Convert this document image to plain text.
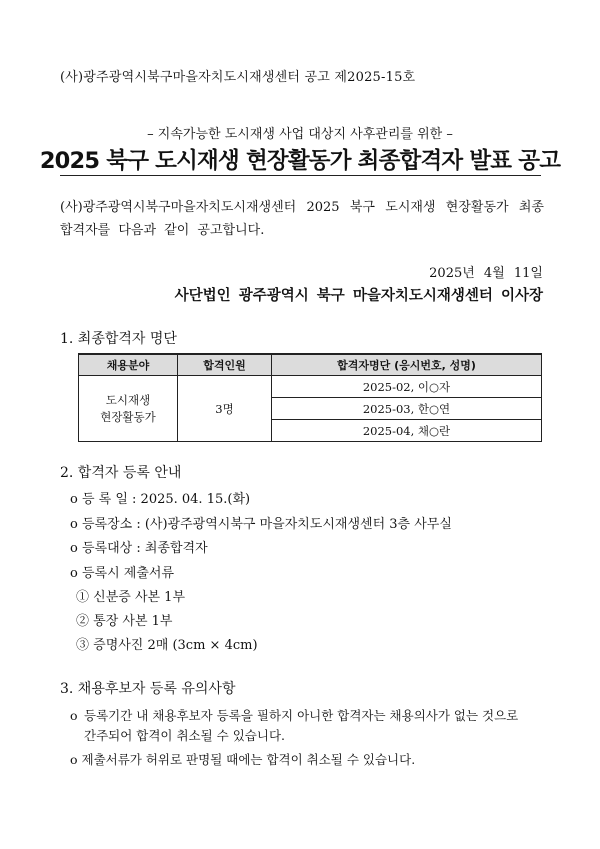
(사)광주광역시북구마을자치도시재생센터 공고 제2025-15호
– 지속가능한 도시재생 사업 대상지 사후관리를 위한 –
2025 북구 도시재생 현장활동가 최종합격자 발표 공고
(사)광주광역시북구마을자치도시재생센터 2025 북구 도시재생 현장활동가 최종합격자를 다음과 같이 공고합니다.
2025년 4월 11일
사단법인 광주광역시 북구 마을자치도시재생센터 이사장
1. 최종합격자 명단
채용분야	합격인원	합격자명단 (응시번호, 성명)
도시재생
현장활동가	3명	2025-02, 이○자
		2025-03, 한○연
		2025-04, 채○란
2. 합격자 등록 안내
o 등 록 일 : 2025. 04. 15.(화)
o 등록장소 : (사)광주광역시북구 마을자치도시재생센터 3층 사무실
o 등록대상 : 최종합격자
o 등록시 제출서류
① 신분증 사본 1부
② 통장 사본 1부
③ 증명사진 2매 (3cm × 4cm)
3. 채용후보자 등록 유의사항
o 등록기간 내 채용후보자 등록을 필하지 아니한 합격자는 채용의사가 없는 것으로
간주되어 합격이 취소될 수 있습니다.
o 제출서류가 허위로 판명될 때에는 합격이 취소될 수 있습니다.
